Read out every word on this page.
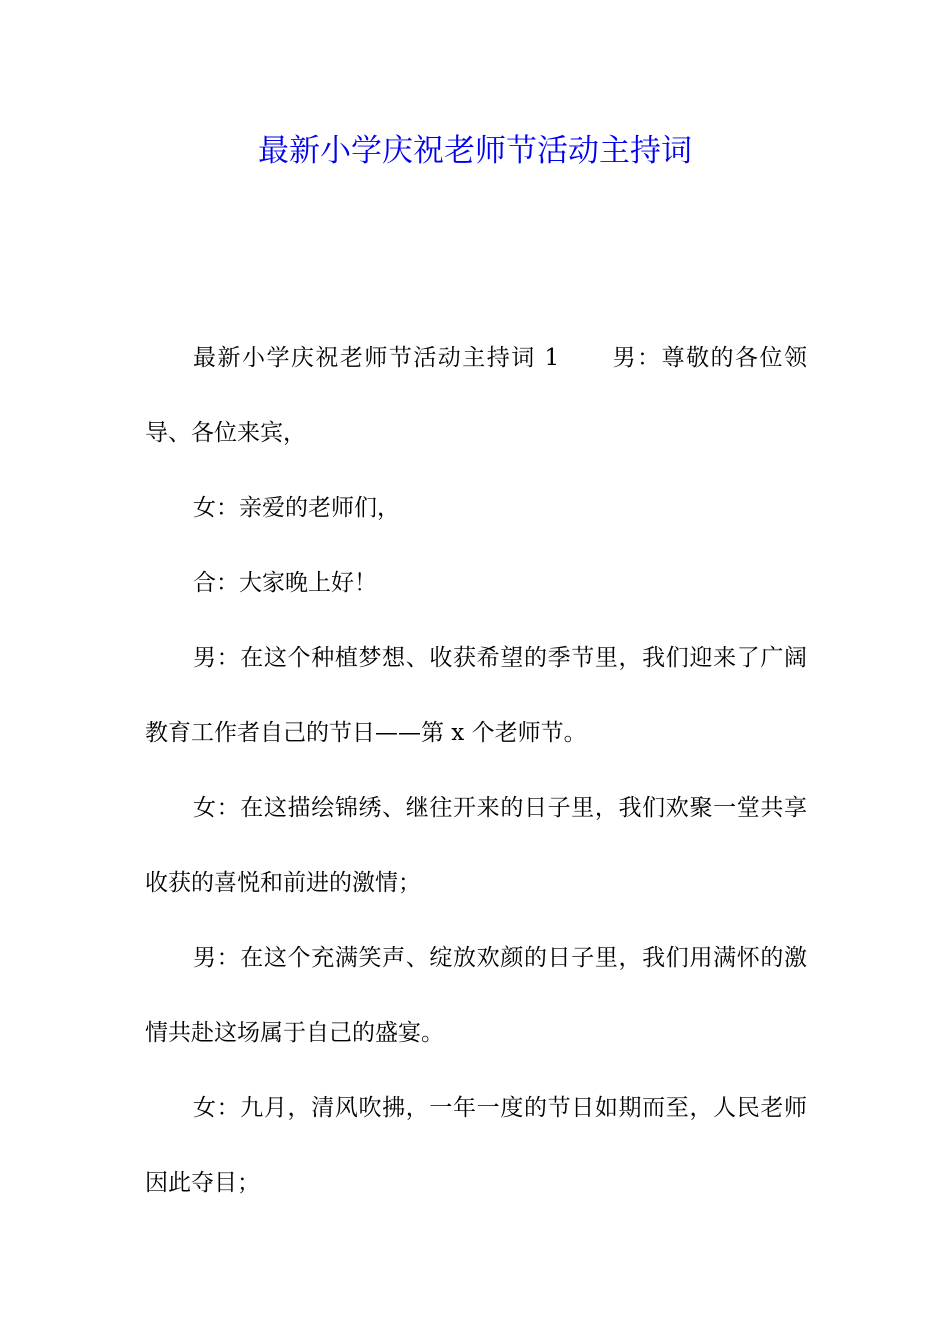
最新小学庆祝老师节活动主持词

最新小学庆祝老师节活动主持词 1 男：尊敬的各位领导、各位来宾，

女：亲爱的老师们，

合：大家晚上好！

男：在这个种植梦想、收获希望的季节里，我们迎来了广阔教育工作者自己的节日——第 x 个老师节。

女：在这描绘锦绣、继往开来的日子里，我们欢聚一堂共享收获的喜悦和前进的激情；

男：在这个充满笑声、绽放欢颜的日子里，我们用满怀的激情共赴这场属于自己的盛宴。

女：九月，清风吹拂，一年一度的节日如期而至，人民老师因此夺目；
